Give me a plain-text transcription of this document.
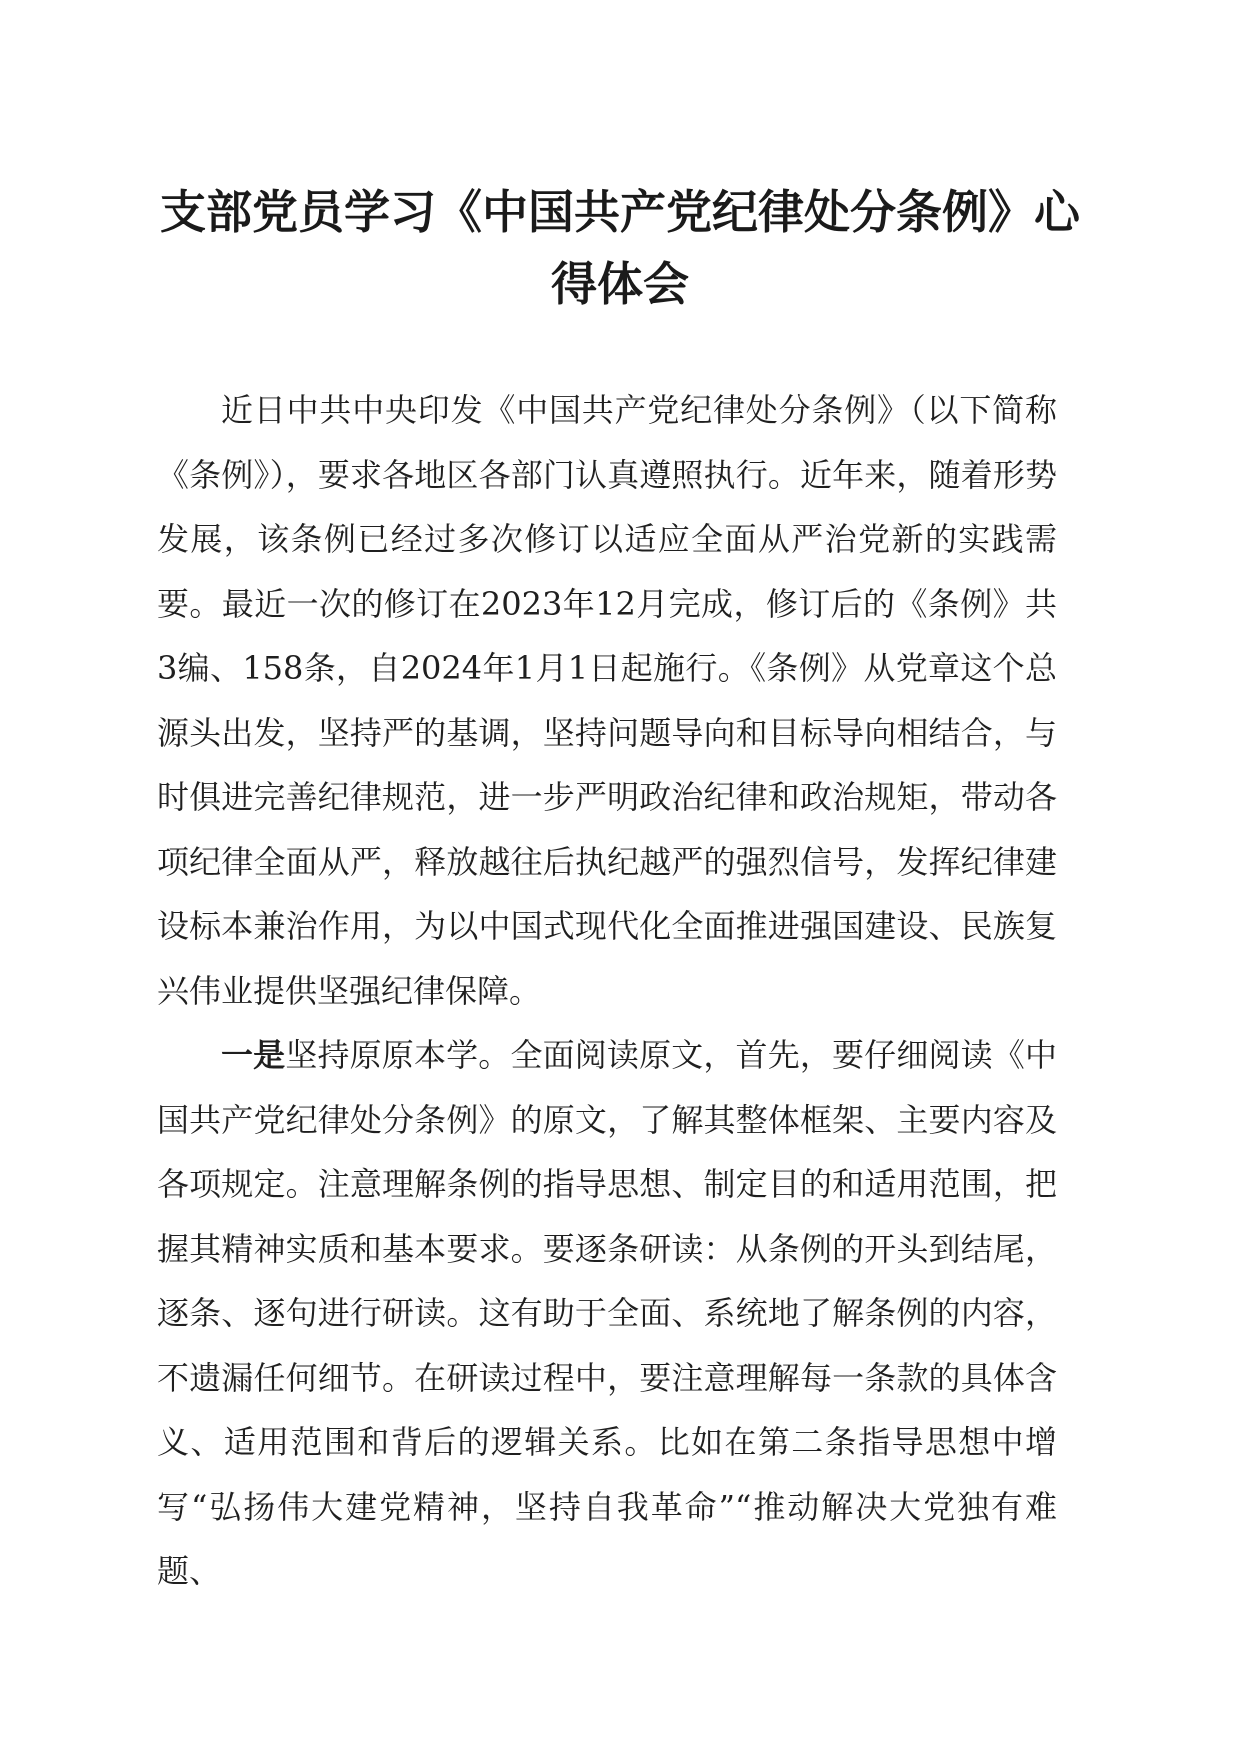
支部党员学习《中国共产党纪律处分条例》心得体会

近日中共中央印发《中国共产党纪律处分条例》（以下简称《条例》），要求各地区各部门认真遵照执行。近年来，随着形势发展，该条例已经过多次修订以适应全面从严治党新的实践需要。最近一次的修订在2023年12月完成，修订后的《条例》共3编、158条，自2024年1月1日起施行。《条例》从党章这个总源头出发，坚持严的基调，坚持问题导向和目标导向相结合，与时俱进完善纪律规范，进一步严明政治纪律和政治规矩，带动各项纪律全面从严，释放越往后执纪越严的强烈信号，发挥纪律建设标本兼治作用，为以中国式现代化全面推进强国建设、民族复兴伟业提供坚强纪律保障。

一是坚持原原本学。全面阅读原文，首先，要仔细阅读《中国共产党纪律处分条例》的原文，了解其整体框架、主要内容及各项规定。注意理解条例的指导思想、制定目的和适用范围，把握其精神实质和基本要求。要逐条研读：从条例的开头到结尾，逐条、逐句进行研读。这有助于全面、系统地了解条例的内容，不遗漏任何细节。在研读过程中，要注意理解每一条款的具体含义、适用范围和背后的逻辑关系。比如在第二条指导思想中增写“弘扬伟大建党精神，坚持自我革命”“推动解决大党独有难题、
